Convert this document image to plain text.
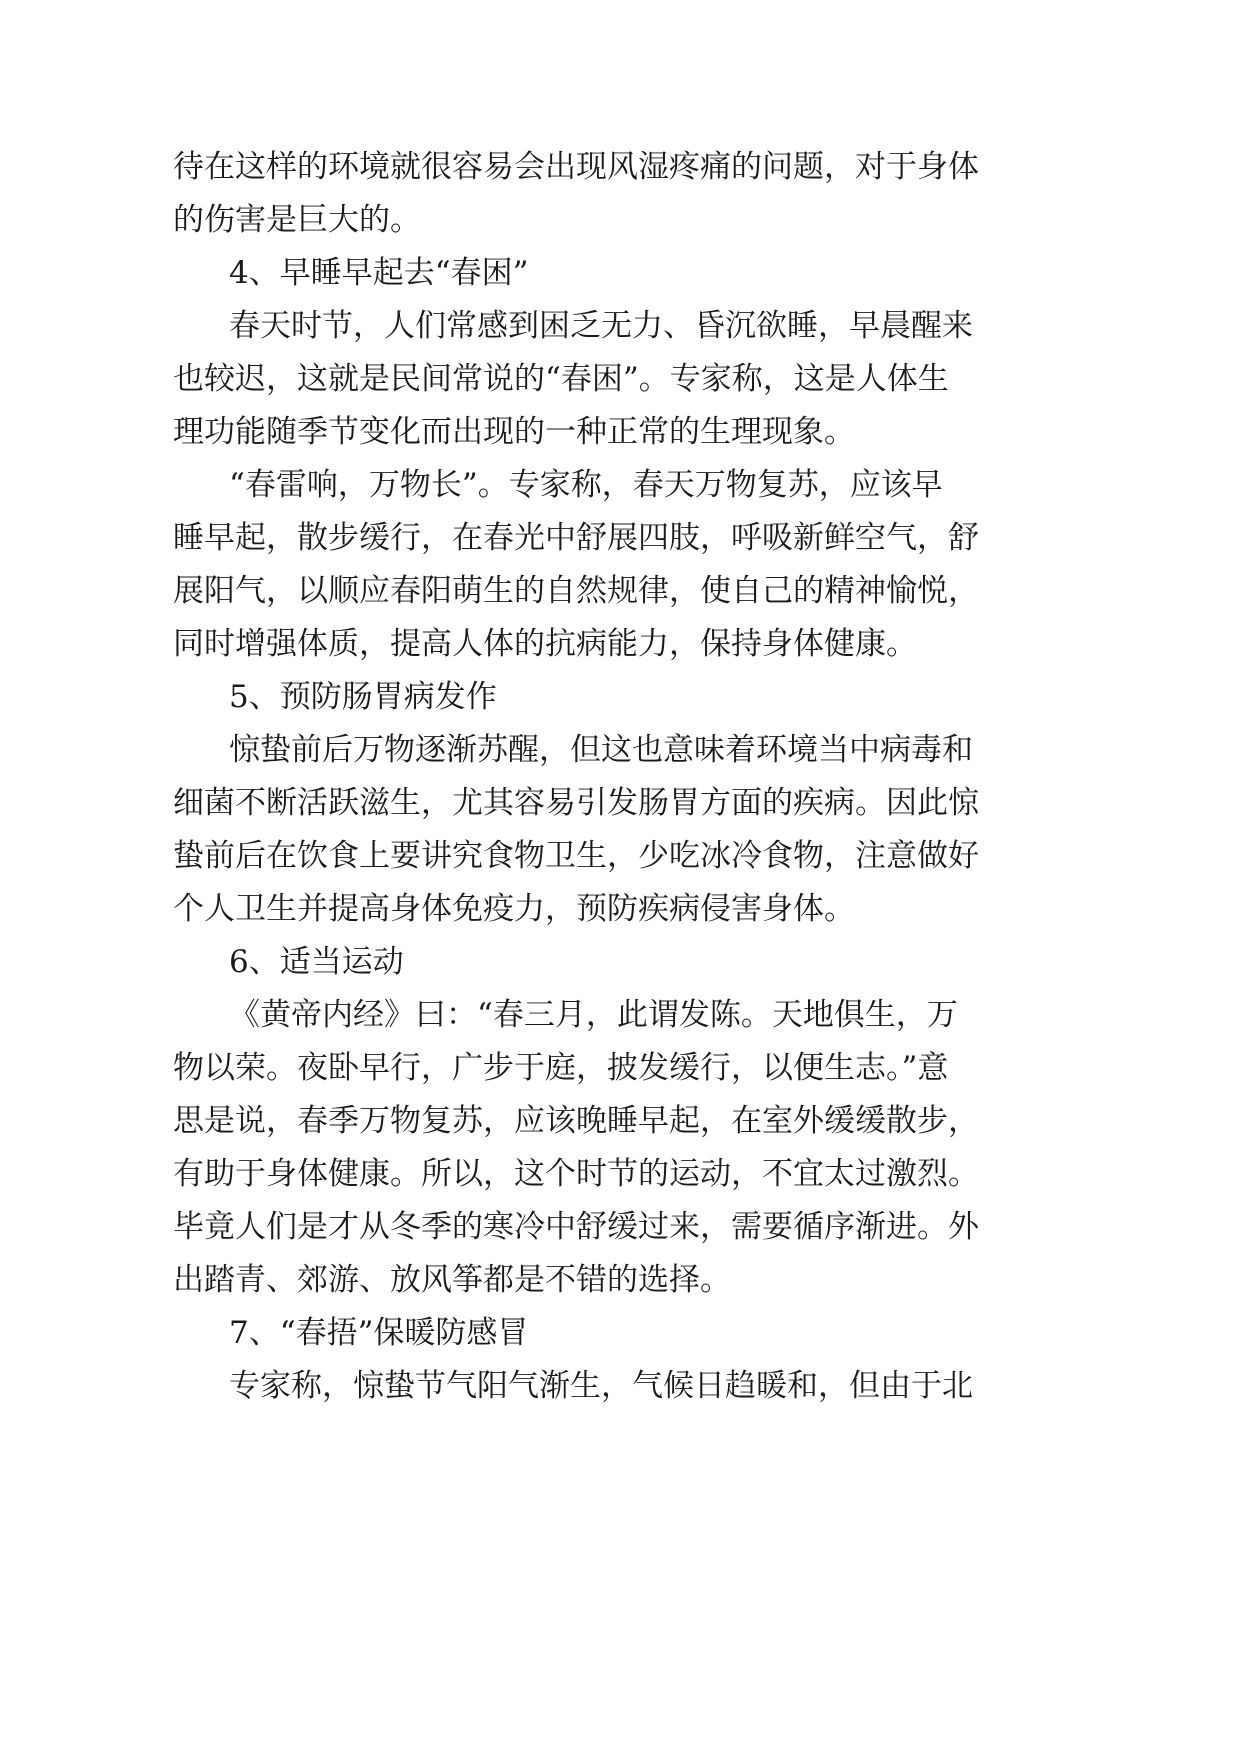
待在这样的环境就很容易会出现风湿疼痛的问题，对于身体
的伤害是巨大的。
4、早睡早起去“春困”
春天时节，人们常感到困乏无力、昏沉欲睡，早晨醒来
也较迟，这就是民间常说的“春困”。专家称，这是人体生
理功能随季节变化而出现的一种正常的生理现象。
“春雷响，万物长”。专家称，春天万物复苏，应该早
睡早起，散步缓行，在春光中舒展四肢，呼吸新鲜空气，舒
展阳气，以顺应春阳萌生的自然规律，使自己的精神愉悦，
同时增强体质，提高人体的抗病能力，保持身体健康。
5、预防肠胃病发作
惊蛰前后万物逐渐苏醒，但这也意味着环境当中病毒和
细菌不断活跃滋生，尤其容易引发肠胃方面的疾病。因此惊
蛰前后在饮食上要讲究食物卫生，少吃冰冷食物，注意做好
个人卫生并提高身体免疫力，预防疾病侵害身体。
6、适当运动
《黄帝内经》曰：“春三月，此谓发陈。天地俱生，万
物以荣。夜卧早行，广步于庭，披发缓行，以便生志。”意
思是说，春季万物复苏，应该晚睡早起，在室外缓缓散步，
有助于身体健康。所以，这个时节的运动，不宜太过激烈。
毕竟人们是才从冬季的寒冷中舒缓过来，需要循序渐进。外
出踏青、郊游、放风筝都是不错的选择。
7、“春捂”保暖防感冒
专家称，惊蛰节气阳气渐生，气候日趋暖和，但由于北
